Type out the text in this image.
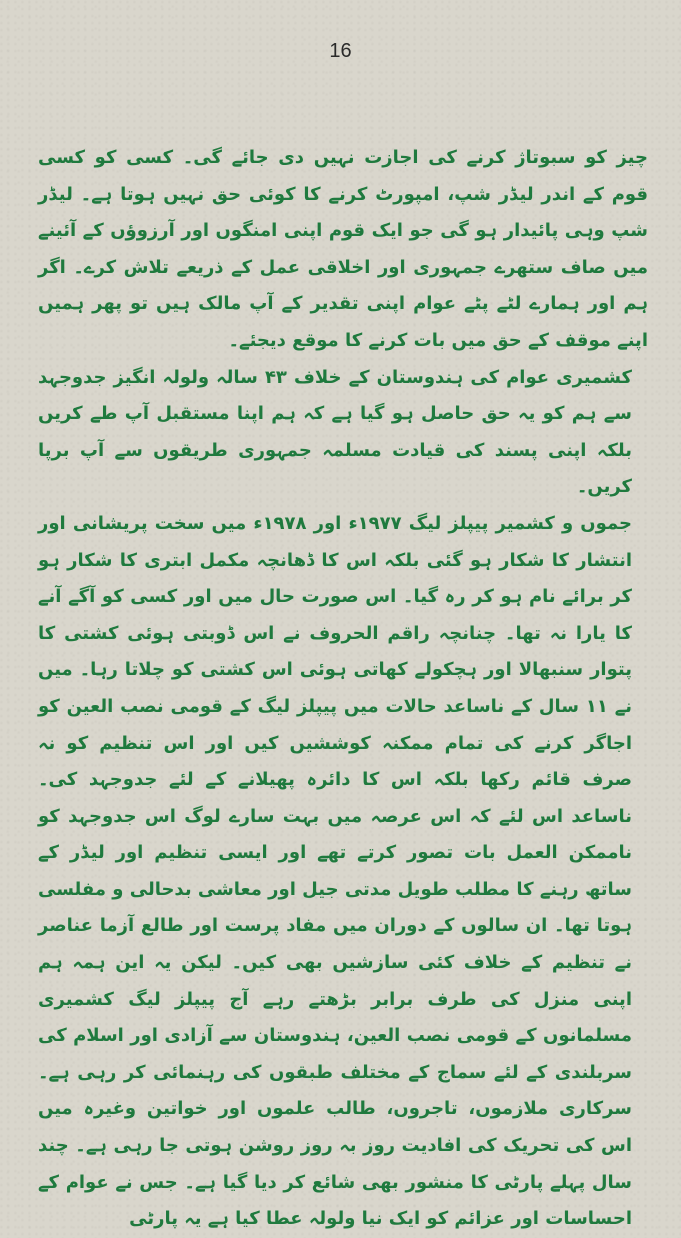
16

چیز کو سبوتاژ کرنے کی اجازت نہیں دی جائے گی۔ کسی کو کسی قوم کے اندر لیڈر شپ، امپورٹ کرنے کا کوئی حق نہیں ہوتا ہے۔ لیڈر شپ وہی پائیدار ہو گی جو ایک قوم اپنی امنگوں اور آرزوؤں کے آئینے میں صاف ستھرے جمہوری اور اخلاقی عمل کے ذریعے تلاش کرے۔ اگر ہم اور ہمارے لٹے پٹے عوام اپنی تقدیر کے آپ مالک ہیں تو پھر ہمیں اپنے موقف کے حق میں بات کرنے کا موقع دیجئے۔

کشمیری عوام کی ہندوستان کے خلاف ۴۳ سالہ ولولہ انگیز جدوجہد سے ہم کو یہ حق حاصل ہو گیا ہے کہ ہم اپنا مستقبل آپ طے کریں بلکہ اپنی پسند کی قیادت مسلمہ جمہوری طریقوں سے آپ برپا کریں۔

جموں و کشمیر پیپلز لیگ ۱۹۷۷ء اور ۱۹۷۸ء میں سخت پریشانی اور انتشار کا شکار ہو گئی بلکہ اس کا ڈھانچہ مکمل ابتری کا شکار ہو کر برائے نام ہو کر رہ گیا۔ اس صورت حال میں اور کسی کو آگے آنے کا یارا نہ تھا۔ چنانچہ راقم الحروف نے اس ڈوبتی ہوئی کشتی کا پتوار سنبھالا اور ہچکولے کھاتی ہوئی اس کشتی کو چلاتا رہا۔ میں نے ۱۱ سال کے ناساعد حالات میں پیپلز لیگ کے قومی نصب العین کو اجاگر کرنے کی تمام ممکنہ کوششیں کیں اور اس تنظیم کو نہ صرف قائم رکھا بلکہ اس کا دائرہ پھیلانے کے لئے جدوجہد کی۔ ناساعد اس لئے کہ اس عرصہ میں بہت سارے لوگ اس جدوجہد کو ناممکن العمل بات تصور کرتے تھے اور ایسی تنظیم اور لیڈر کے ساتھ رہنے کا مطلب طویل مدتی جیل اور معاشی بدحالی و مفلسی ہوتا تھا۔ ان سالوں کے دوران میں مفاد پرست اور طالع آزما عناصر نے تنظیم کے خلاف کئی سازشیں بھی کیں۔ لیکن یہ این ہمہ ہم اپنی منزل کی طرف برابر بڑھتے رہے آج پیپلز لیگ کشمیری مسلمانوں کے قومی نصب العین، ہندوستان سے آزادی اور اسلام کی سربلندی کے لئے سماج کے مختلف طبقوں کی رہنمائی کر رہی ہے۔ سرکاری ملازموں، تاجروں، طالب علموں اور خواتین وغیرہ میں اس کی تحریک کی افادیت روز بہ روز روشن ہوتی جا رہی ہے۔ چند سال پہلے پارٹی کا منشور بھی شائع کر دیا گیا ہے۔ جس نے عوام کے احساسات اور عزائم کو ایک نیا ولولہ عطا کیا ہے یہ پارٹی
